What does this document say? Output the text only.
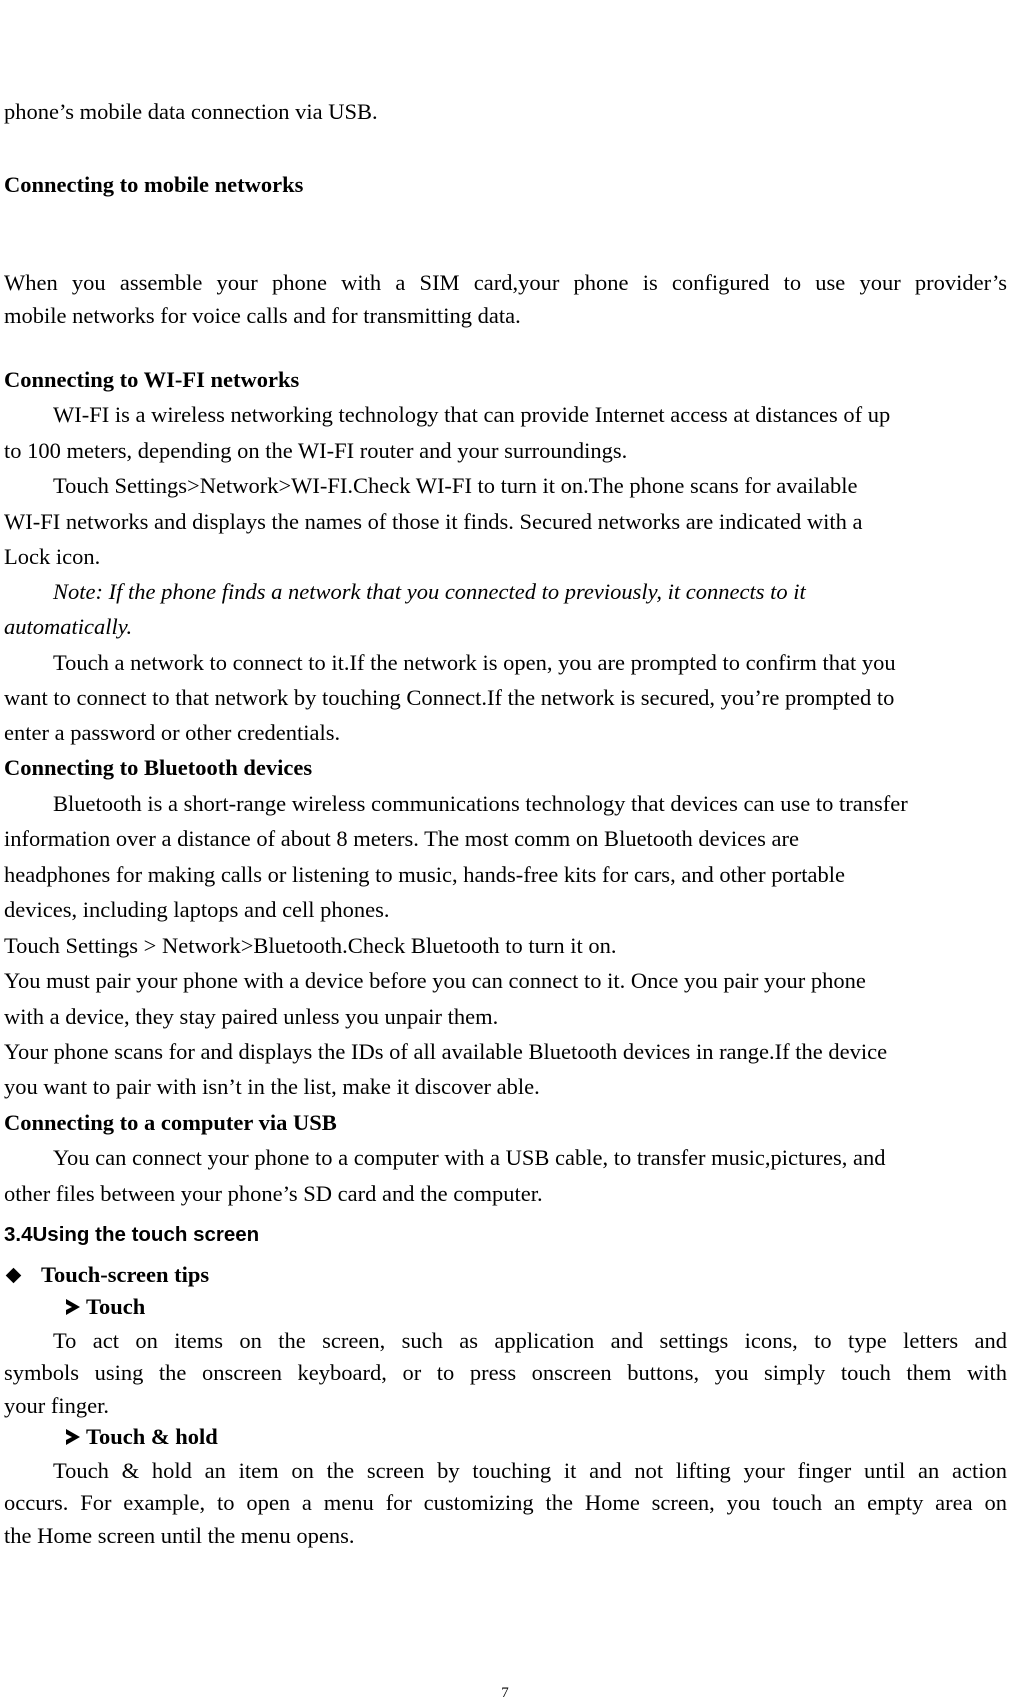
phone’s mobile data connection via USB.
Connecting to mobile networks
When you assemble your phone with a SIM card,your phone is configured to use your provider’s
mobile networks for voice calls and for transmitting data.
Connecting to WI-FI networks
WI-FI is a wireless networking technology that can provide Internet access at distances of up
to 100 meters, depending on the WI-FI router and your surroundings.
Touch Settings>Network>WI-FI.Check WI-FI to turn it on.The phone scans for available
WI-FI networks and displays the names of those it finds. Secured networks are indicated with a
Lock icon.
Note: If the phone finds a network that you connected to previously, it connects to it
automatically.
Touch a network to connect to it.If the network is open, you are prompted to confirm that you
want to connect to that network by touching Connect.If the network is secured, you’re prompted to
enter a password or other credentials.
Connecting to Bluetooth devices
Bluetooth is a short-range wireless communications technology that devices can use to transfer
information over a distance of about 8 meters. The most comm on Bluetooth devices are
headphones for making calls or listening to music, hands-free kits for cars, and other portable
devices, including laptops and cell phones.
Touch Settings > Network>Bluetooth.Check Bluetooth to turn it on.
You must pair your phone with a device before you can connect to it. Once you pair your phone
with a device, they stay paired unless you unpair them.
Your phone scans for and displays the IDs of all available Bluetooth devices in range.If the device
you want to pair with isn’t in the list, make it discover able.
Connecting to a computer via USB
You can connect your phone to a computer with a USB cable, to transfer music,pictures, and
other files between your phone’s SD card and the computer.
3.4Using the touch screen
Touch-screen tips
Touch
To act on items on the screen, such as application and settings icons, to type letters and
symbols using the onscreen keyboard, or to press onscreen buttons, you simply touch them with
your finger.
Touch & hold
Touch & hold an item on the screen by touching it and not lifting your finger until an action
occurs. For example, to open a menu for customizing the Home screen, you touch an empty area on
the Home screen until the menu opens.
7
